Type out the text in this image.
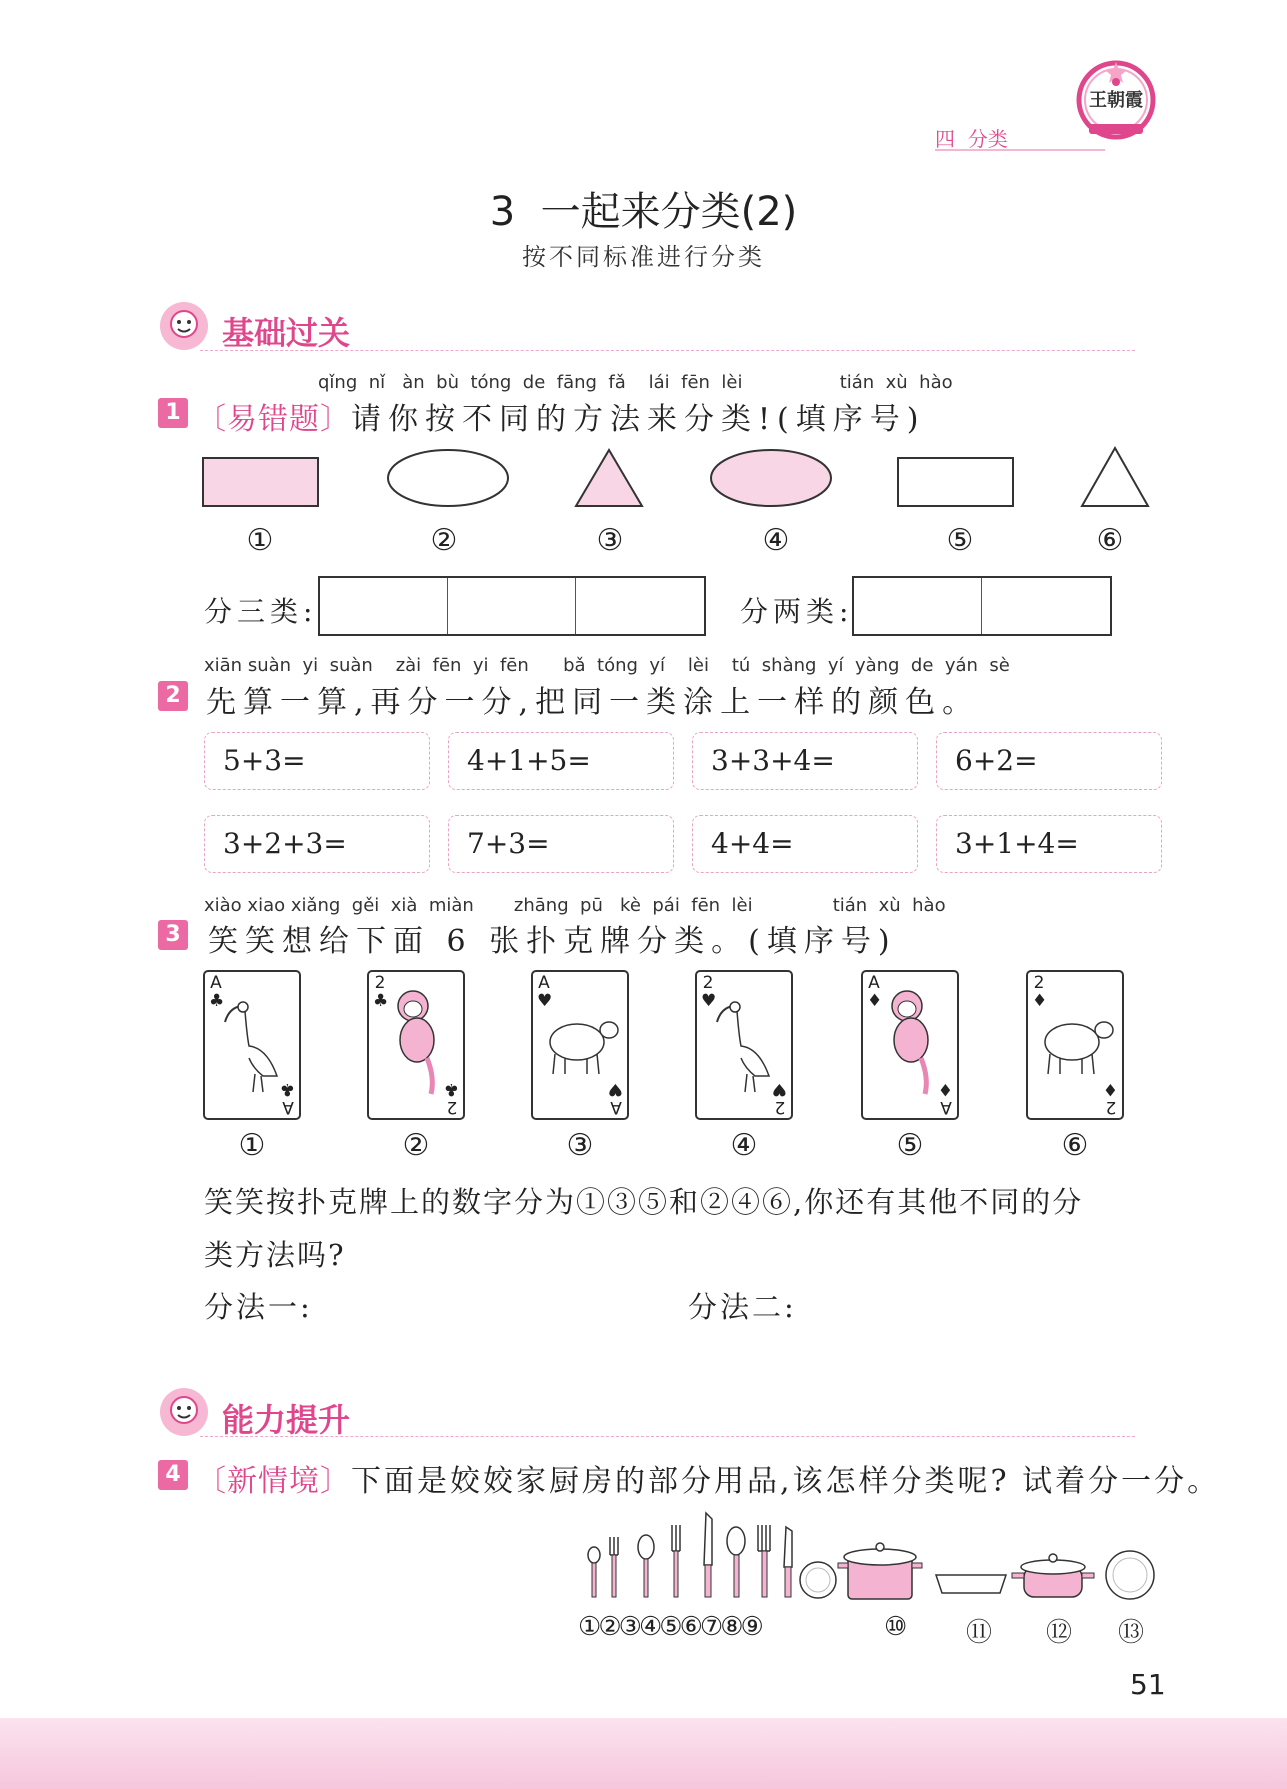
四  分类
王朝霞
3  一起来分类(2)
按不同标准进行分类
基础过关
qǐng  nǐ   àn  bù  tóng  de  fāng  fǎ    lái  fēn  lèi                 tián  xù  hào
1 〔易错题〕请你按不同的方法来分类!(填序号)
①	②	③	④	⑤	⑥
分三类:	分两类:
xiān suàn  yi  suàn    zài  fēn  yi  fēn      bǎ  tóng  yí    lèi    tú  shàng  yí  yàng  de  yán  sè
2 先算一算,再分一分,把同一类涂上一样的颜色。
5+3=	4+1+5=	3+3+4=	6+2=
3+2+3=	7+3=	4+4=	3+1+4=
xiào xiao xiǎng  gěi  xià  miàn       zhāng  pū   kè  pái  fēn  lèi              tián  xù  hào
3 笑笑想给下面 6 张扑克牌分类。(填序号)
A
♣
A
♣
2
♣
2
♣
A
♥
A
♥
2
♥
2
♥
A
♦
A
♦
2
♦
2
♦
①	②	③	④	⑤	⑥
笑笑按扑克牌上的数字分为①③⑤和②④⑥,你还有其他不同的分
类方法吗?
分法一:	分法二:
能力提升
4 〔新情境〕下面是姣姣家厨房的部分用品,该怎样分类呢? 试着分一分。
①②③④⑤⑥⑦⑧⑨	⑩ ⑪ ⑫ ⑬
51
